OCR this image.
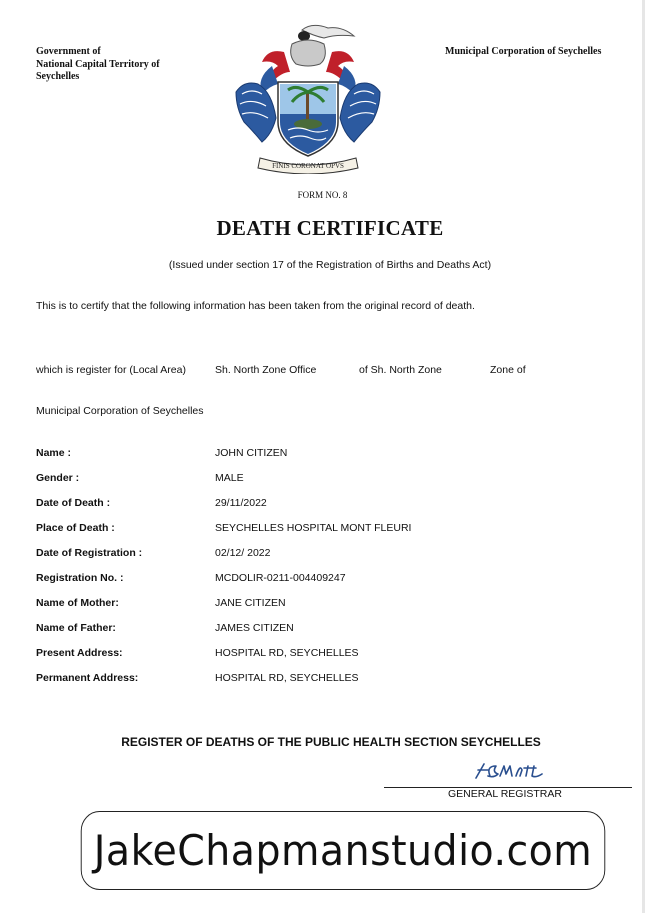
Government of
National Capital Territory of
Seychelles
FINIS CORONAT OPVS
Municipal Corporation of Seychelles
FORM NO. 8
DEATH CERTIFICATE
(Issued under section 17 of the Registration of Births and Deaths Act)
This is to certify that the following information has been taken from the original record of death.
which is register for (Local Area)	Sh. North Zone Office	of Sh. North Zone	Zone of
Municipal Corporation of Seychelles
Name :	JOHN CITIZEN
Gender :	MALE
Date of Death :	29/11/2022
Place of Death :	SEYCHELLES HOSPITAL MONT FLEURI
Date of Registration :	02/12/ 2022
Registration No. :	MCDOLIR-0211-004409247
Name of Mother:	JANE CITIZEN
Name of Father:	JAMES CITIZEN
Present Address:	HOSPITAL RD, SEYCHELLES
Permanent Address:	HOSPITAL RD, SEYCHELLES
REGISTER OF DEATHS OF THE PUBLIC HEALTH SECTION SEYCHELLES
GENERAL REGISTRAR
JakeChapmanstudio.com
